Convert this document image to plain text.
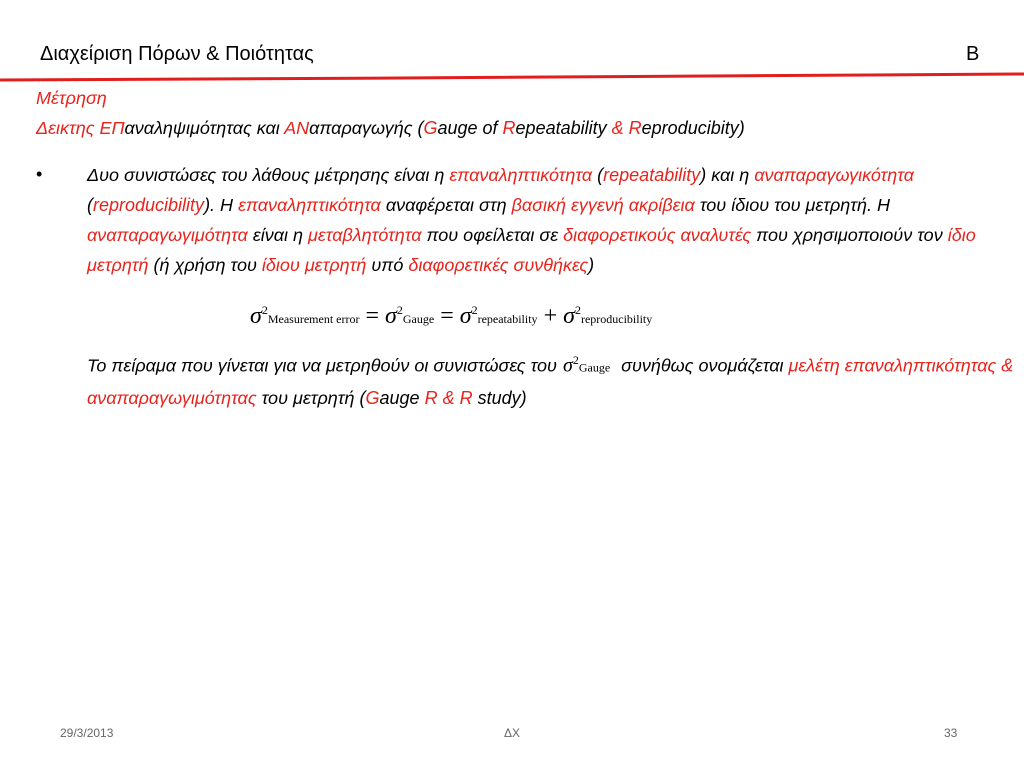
Διαχείριση Πόρων & Ποιότητας	Β
Μέτρηση
Δεικτης ΕΠαναληψιμότητας και ΑΝαπαραγωγής (Gauge of Repeatability & Reproducibity)
• Δυο συνιστώσες του λάθους μέτρησης είναι η επαναληπτικότητα (repeatability) και η αναπαραγωγικότητα (reproducibility). Η επαναληπτικότητα αναφέρεται στη βασική εγγενή ακρίβεια του ίδιου του μετρητή. Η αναπαραγωγιμότητα είναι η μεταβλητότητα που οφείλεται σε διαφορετικούς αναλυτές που χρησιμοποιούν τον ίδιο μετρητή (ή χρήση του ίδιου μετρητή υπό διαφορετικές συνθήκες)
$\sigma^2Measurement$ error = $\sigma^2Gauge$ = $\sigma^2repeatability$ + $\sigma^2reproducibility$
Το πείραμα που γίνεται για να μετρηθούν οι συνιστώσες του $\sigma^2Gauge$ συνήθως ονομάζεται μελέτη επαναληπτικότητας & αναπαραγωγιμότητας του μετρητή (Gauge R & R study)
29/3/2013	ΔΧ	33
